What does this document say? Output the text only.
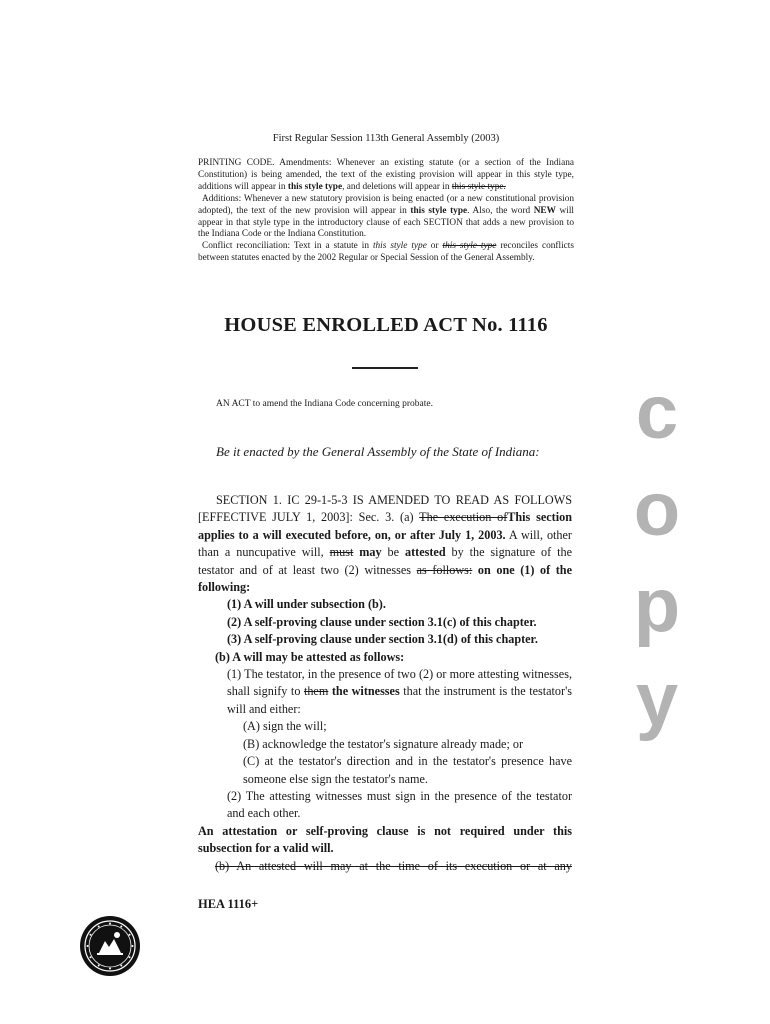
First Regular Session 113th General Assembly (2003)

PRINTING CODE. Amendments: Whenever an existing statute (or a section of the Indiana Constitution) is being amended, the text of the existing provision will appear in this style type, additions will appear in this style type, and deletions will appear in this style type.

Additions: Whenever a new statutory provision is being enacted (or a new constitutional provision adopted), the text of the new provision will appear in this style type. Also, the word NEW will appear in that style type in the introductory clause of each SECTION that adds a new provision to the Indiana Code or the Indiana Constitution.

Conflict reconciliation: Text in a statute in this style type or this style type reconciles conflicts between statutes enacted by the 2002 Regular or Special Session of the General Assembly.

HOUSE ENROLLED ACT No. 1116
AN ACT to amend the Indiana Code concerning probate.
Be it enacted by the General Assembly of the State of Indiana:

SECTION 1. IC 29-1-5-3 IS AMENDED TO READ AS FOLLOWS [EFFECTIVE JULY 1, 2003]: Sec. 3. (a) The execution ofThis section applies to a will executed before, on, or after July 1, 2003. A will, other than a nuncupative will, must may be attested by the signature of the testator and of at least two (2) witnesses as follows: on one (1) of the following:

(1) A will under subsection (b).

(2) A self-proving clause under section 3.1(c) of this chapter.

(3) A self-proving clause under section 3.1(d) of this chapter.

(b) A will may be attested as follows:

(1) The testator, in the presence of two (2) or more attesting witnesses, shall signify to them the witnesses that the instrument is the testator's will and either:

(A) sign the will;

(B) acknowledge the testator's signature already made; or

(C) at the testator's direction and in the testator's presence have someone else sign the testator's name.

(2) The attesting witnesses must sign in the presence of the testator and each other.

An attestation or self-proving clause is not required under this subsection for a valid will.

(b) An attested will may at the time of its execution or at any

HEA 1116+
c
o
p
y
